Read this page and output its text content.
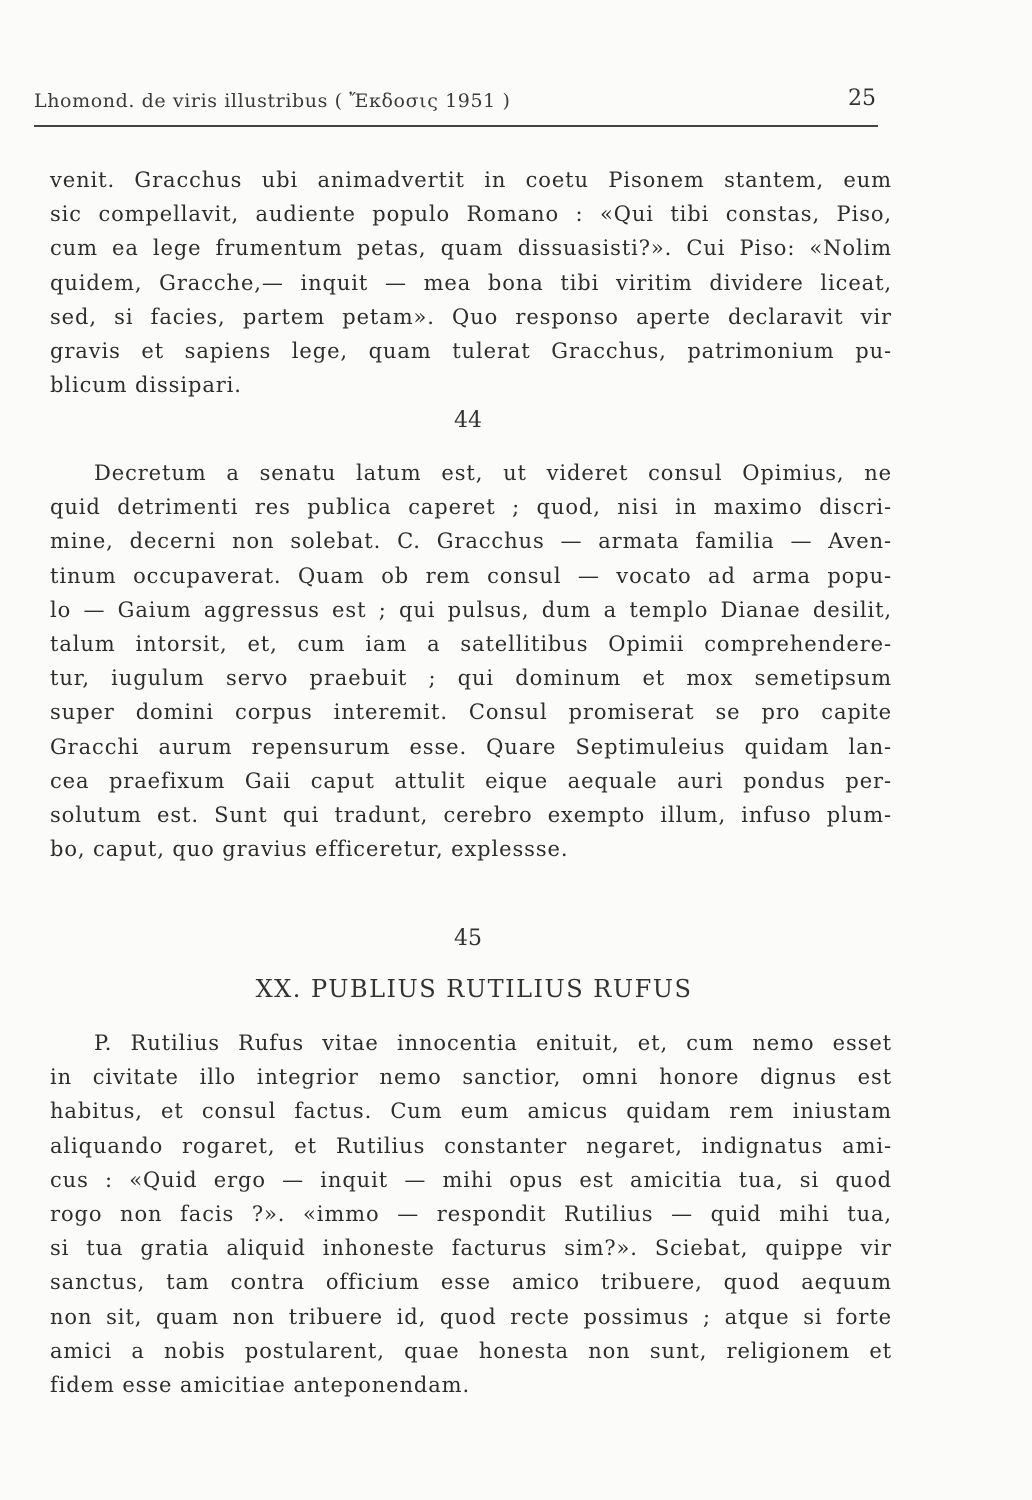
Lhomond. de viris illustribus ( Ἔκδοσις 1951 )	25

venit. Gracchus ubi animadvertit in coetu Pisonem stantem, eum
sic compellavit, audiente populo Romano : «Qui tibi constas, Piso,
cum ea lege frumentum petas, quam dissuasisti?». Cui Piso: «Nolim
quidem, Gracche,— inquit — mea bona tibi viritim dividere liceat,
sed, si facies, partem petam». Quo responso aperte declaravit vir
gravis et sapiens lege, quam tulerat Gracchus, patrimonium pu-
blicum dissipari.

44

Decretum a senatu latum est, ut videret consul Opimius, ne
quid detrimenti res publica caperet ; quod, nisi in maximo discri-
mine, decerni non solebat. C. Gracchus — armata familia — Aven-
tinum occupaverat. Quam ob rem consul — vocato ad arma popu-
lo — Gaium aggressus est ; qui pulsus, dum a templo Dianae desilit,
talum intorsit, et, cum iam a satellitibus Opimii comprehendere-
tur, iugulum servo praebuit ; qui dominum et mox semetipsum
super domini corpus interemit. Consul promiserat se pro capite
Gracchi aurum repensurum esse. Quare Septimuleius quidam lan-
cea praefixum Gaii caput attulit eique aequale auri pondus per-
solutum est. Sunt qui tradunt, cerebro exempto illum, infuso plum-
bo, caput, quo gravius efficeretur, explessse.

45
XX. PUBLIUS RUTILIUS RUFUS

P. Rutilius Rufus vitae innocentia enituit, et, cum nemo esset
in civitate illo integrior nemo sanctior, omni honore dignus est
habitus, et consul factus. Cum eum amicus quidam rem iniustam
aliquando rogaret, et Rutilius constanter negaret, indignatus ami-
cus : «Quid ergo — inquit — mihi opus est amicitia tua, si quod
rogo non facis ?». «immo — respondit Rutilius — quid mihi tua,
si tua gratia aliquid inhoneste facturus sim?». Sciebat, quippe vir
sanctus, tam contra officium esse amico tribuere, quod aequum
non sit, quam non tribuere id, quod recte possimus ; atque si forte
amici a nobis postularent, quae honesta non sunt, religionem et
fidem esse amicitiae anteponendam.
